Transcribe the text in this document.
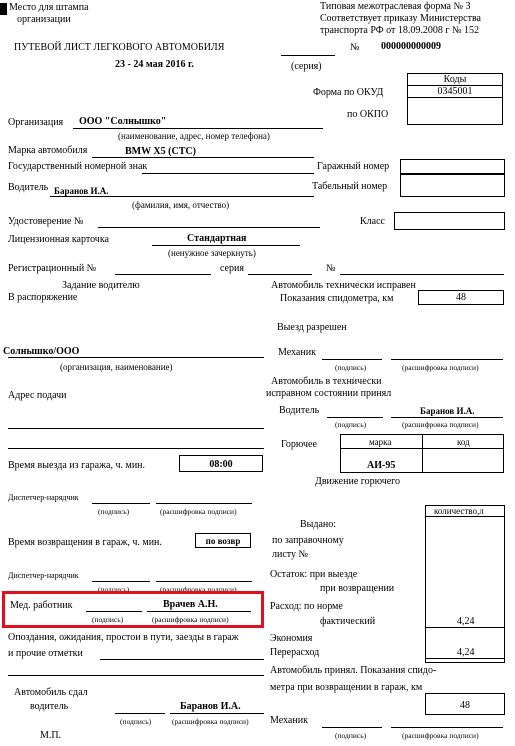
Место для штампа
организации
Типовая межотраслевая форма № 3
Соответствует приказу Министерства
транспорта РФ от 18.09.2008 г № 152
ПУТЕВОЙ ЛИСТ ЛЕГКОВОГО АВТОМОБИЛЯ	№ 000000000009
23 - 24 мая 2016 г.	(серия)
Коды
Форма по ОКУД	0345001
по ОКПО
Организация ООО "Солнышко"
(наименование, адрес, номер телефона)
Марка автомобиля	BMW X5 (CTC)
Государственный номерной знак	Гаражный номер
Водитель Баранов И.А.
(фамилия, имя, отчество)
Табельный номер
Удостоверение №	Класс
Лицензионная карточка	Стандартная
(ненужное зачеркнуть)
Регистрационный №	серия	№
Задание водителю
В распоряжение
Солнышко/ООО
(организация, наименование)
Адрес подачи
Автомобиль технически исправен
Показания спидометра, км	48
Выезд разрешен
Механик
(подпись)	(расшифровка подписи)
Автомобиль в технически
исправном состоянии принял
Водитель	Баранов И.А.
(подпись)	(расшифровка подписи)
Горючее	марка	код
АИ-95
Движение горючего
количество,л
Выдано:
по заправочному
листу №
Остаток: при выезде
при возвращении
Расход: по норме
фактический	4,24
Экономия
Перерасход	4,24
Автомобиль принял. Показания спидо-
метра при возвращении в гараж, км
48
Механик
(подпись)	(расшифровка подписи)
Время выезда из гаража, ч. мин.	08:00
Диспетчер-нарядчик
(подпись)	(расшифровка подписи)
Время возвращения в гараж, ч. мин.	по возвр
Диспетчер-нарядчик
(подпись)	(расшифровка подписи)
Мед. работник	Врачев А.Н.
(подпись)	(расшифровка подписи)
Опоздания, ожидания, простои в пути, заезды в гараж
и прочие отметки
Автомобиль сдал
водитель	Баранов И.А.
(подпись)	(расшифровка подписи)
М.П.
